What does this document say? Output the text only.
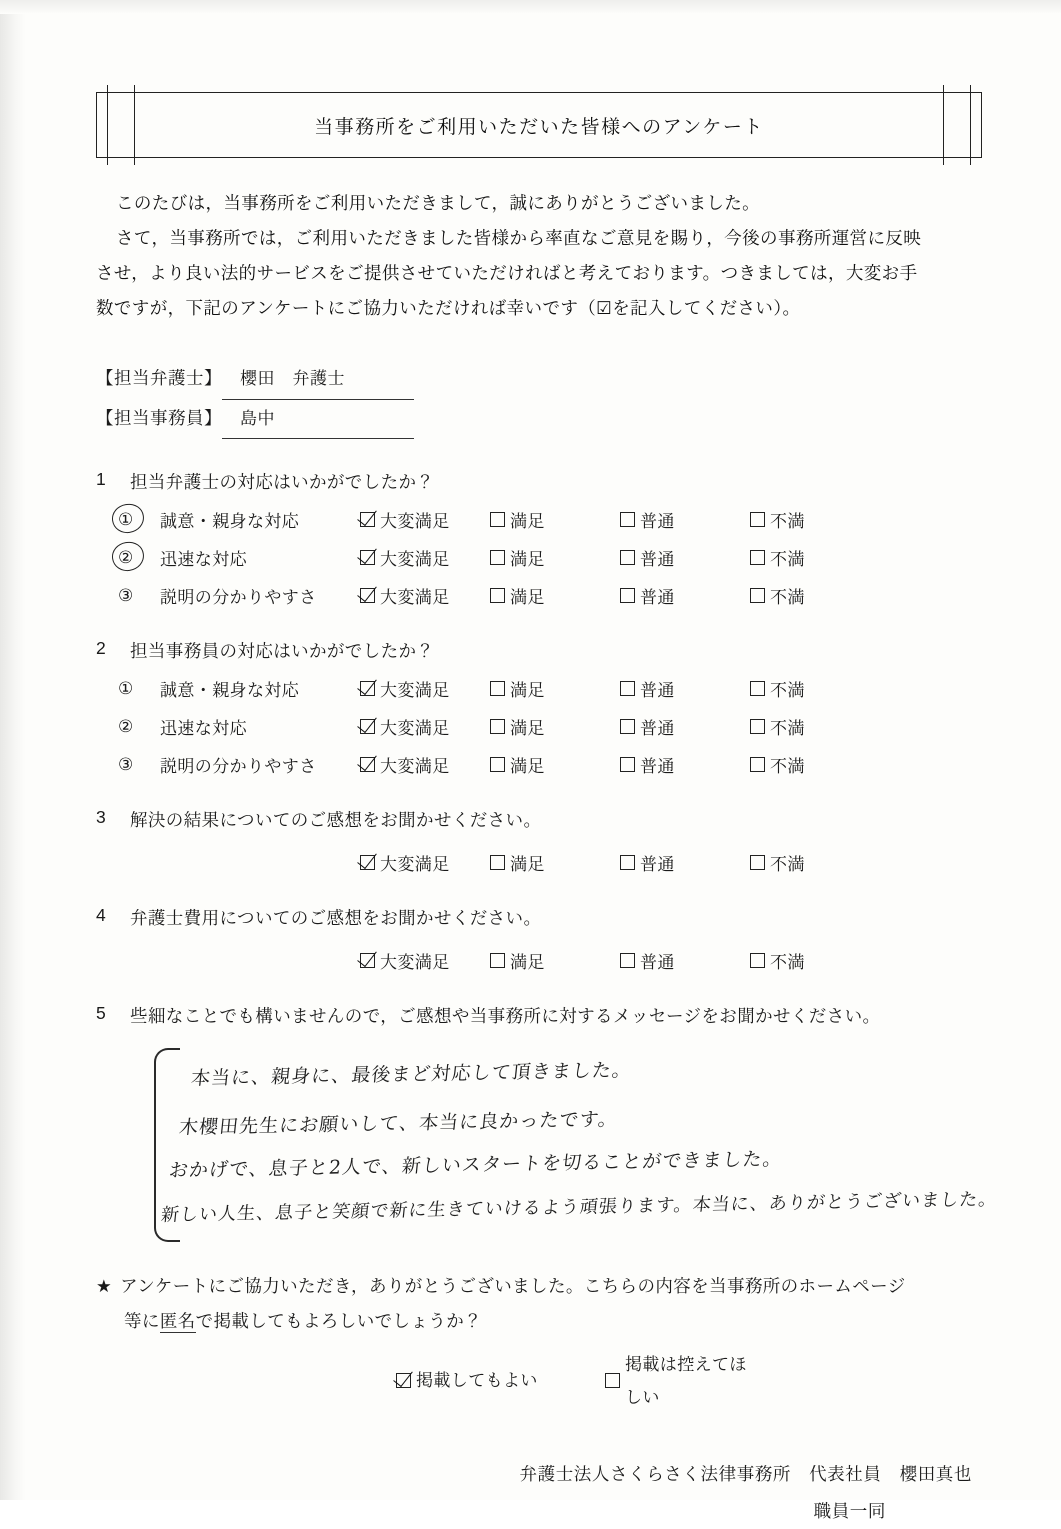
当事務所をご利用いただいた皆様へのアンケート

このたびは，当事務所をご利用いただきまして，誠にありがとうございました。

さて，当事務所では，ご利用いただきました皆様から率直なご意見を賜り，今後の事務所運営に反映

させ，より良い法的サービスをご提供させていただければと考えております。つきましては，大変お手

数ですが，下記のアンケートにご協力いただければ幸いです（☑を記入してください）。

【担当弁護士】	櫻田　弁護士
【担当事務員】	島中
1	担当弁護士の対応はいかがでしたか？
①	誠意・親身な対応	大変満足	満足	普通	不満
②	迅速な対応	大変満足	満足	普通	不満
③	説明の分かりやすさ	大変満足	満足	普通	不満
2	担当事務員の対応はいかがでしたか？
①	誠意・親身な対応	大変満足	満足	普通	不満
②	迅速な対応	大変満足	満足	普通	不満
③	説明の分かりやすさ	大変満足	満足	普通	不満
3	解決の結果についてのご感想をお聞かせください。
大変満足	満足	普通	不満
4	弁護士費用についてのご感想をお聞かせください。
大変満足	満足	普通	不満
5	些細なことでも構いませんので，ご感想や当事務所に対するメッセージをお聞かせください。
本当に、親身に、最後まど対応して頂きました。
木櫻田先生にお願いして、本当に良かったです。
おかげで、息子と2人で、新しいスタートを切ることができました。
新しい人生、息子と笑顔で新に生きていけるよう頑張ります。本当に、ありがとうございました。
★ アンケートにご協力いただき，ありがとうございました。こちらの内容を当事務所のホームページ
等に匿名で掲載してもよろしいでしょうか？
掲載してもよい
掲載は控えてほしい
弁護士法人さくらさく法律事務所　代表社員　櫻田真也
職員一同
